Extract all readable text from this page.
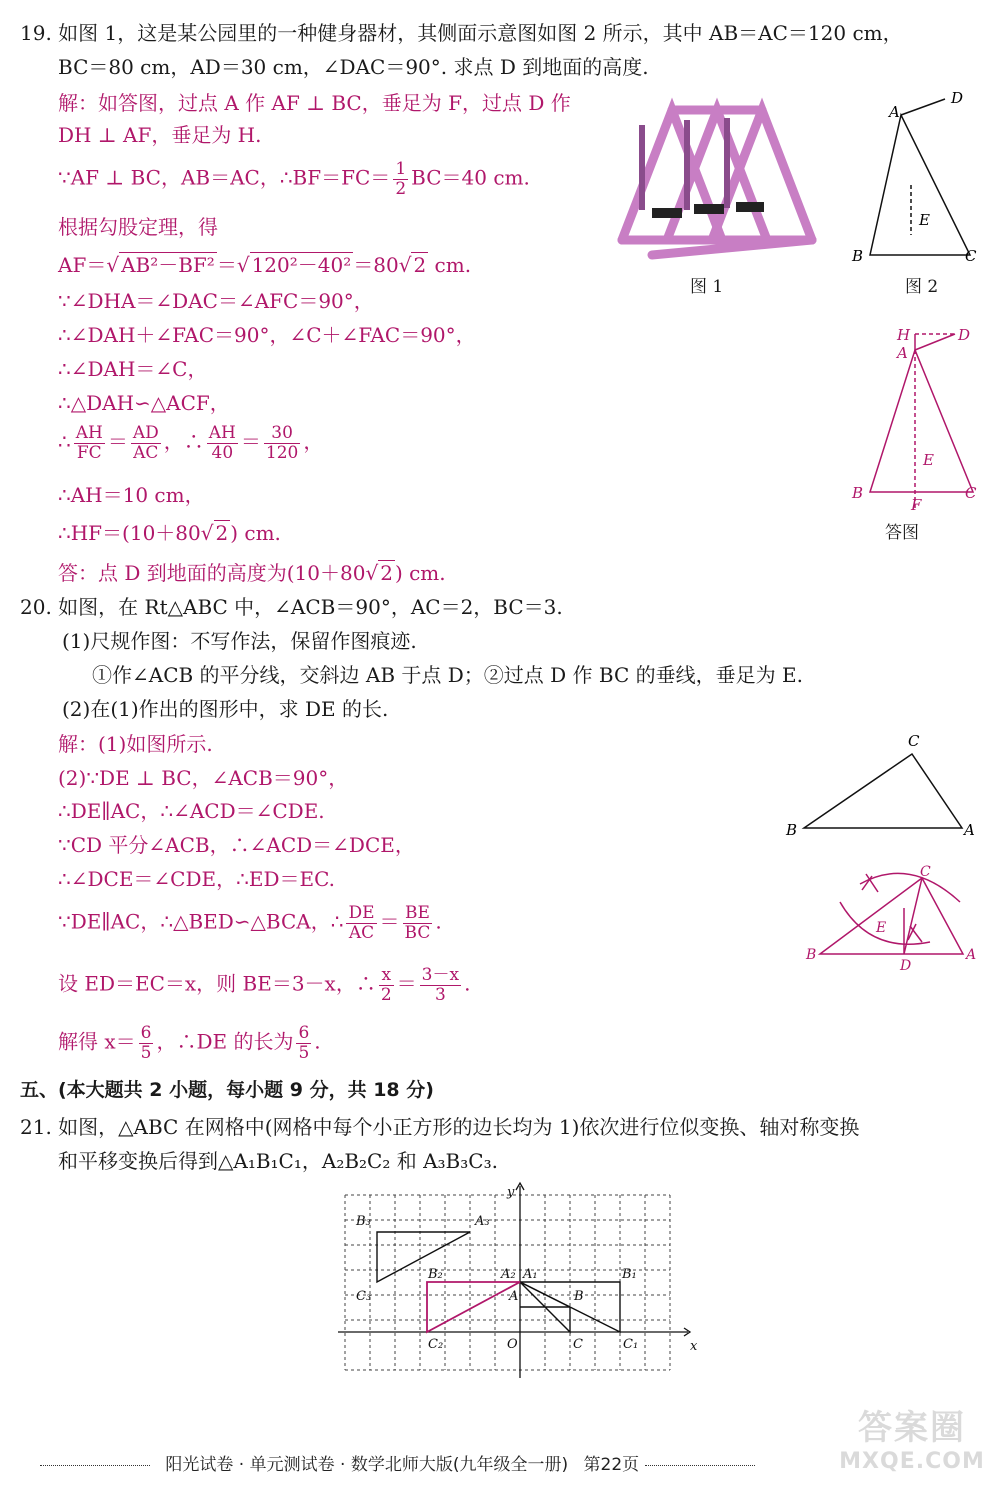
19. 如图 1，这是某公园里的一种健身器材，其侧面示意图如图 2 所示，其中 AB＝AC＝120 cm，
BC＝80 cm，AD＝30 cm，∠DAC＝90°. 求点 D 到地面的高度.
解：如答图，过点 A 作 AF ⊥ BC，垂足为 F，过点 D 作
DH ⊥ AF，垂足为 H.
∵AF ⊥ BC，AB＝AC，∴BF＝FC＝ $\frac{1}{2} BC=40$ cm.
根据勾股定理，得
AF＝√ AB²－BF² ＝√ 120²－40² ＝80√ 2 cm.
∵∠DHA＝∠DAC＝∠AFC＝90°，
∴∠DAH＋∠FAC＝90°，∠C＋∠FAC＝90°，
∴∠DAH＝∠C，
∴△DAH∽△ACF，
∴ $\frac{AH}{FC} = \frac{AD}{AC}$ ，∴ $\frac{AH}{40} = \frac{30}{120}$ ，
∴AH＝10 cm，
∴HF＝(10＋80√ 2 ) cm.
答：点 D 到地面的高度为(10＋80√ 2 ) cm.
图 1
A
D
B	C
E
图 2
H
A
D
E
B	C
F
答图
20. 如图，在 Rt△ABC 中，∠ACB＝90°，AC＝2，BC＝3.
(1)尺规作图：不写作法，保留作图痕迹.
①作∠ACB 的平分线，交斜边 AB 于点 D；②过点 D 作 BC 的垂线，垂足为 E.
(2)在(1)作出的图形中，求 DE 的长.
解：(1)如图所示.
(2)∵DE ⊥ BC，∠ACB＝90°，
∴DE∥AC，∴∠ACD＝∠CDE.
∵CD 平分∠ACB，∴∠ACD＝∠DCE，
∴∠DCE＝∠CDE，∴ED＝EC.
∵DE∥AC，∴△BED∽△BCA，∴ $\frac{DE}{AC} = \frac{BE}{BC}$ .
设 ED＝EC＝x，则 BE＝3－x，∴ $\frac{x}{2} = \frac{3-x}{3}$ .
解得 $x= \frac{6}{5}$ ，∴DE 的长为 $\frac{6}{5}$ .
C
B	A
C
E
B
D
A
五、(本大题共 2 小题，每小题 9 分，共 18 分)
21. 如图，△ABC 在网格中(网格中每个小正方形的边长均为 1)依次进行位似变换、轴对称变换
和平移变换后得到△A₁B₁C₁，A₂B₂C₂ 和 A₃B₃C₃.
y
x
O
A	B
C
A₁	B₁
C₁
A₂
B₂
C₂
A₃
B₃
C₃
阳光试卷 · 单元测试卷 · 数学北师大版(九年级全一册) 第22页
答案圈
MXQE.COM
